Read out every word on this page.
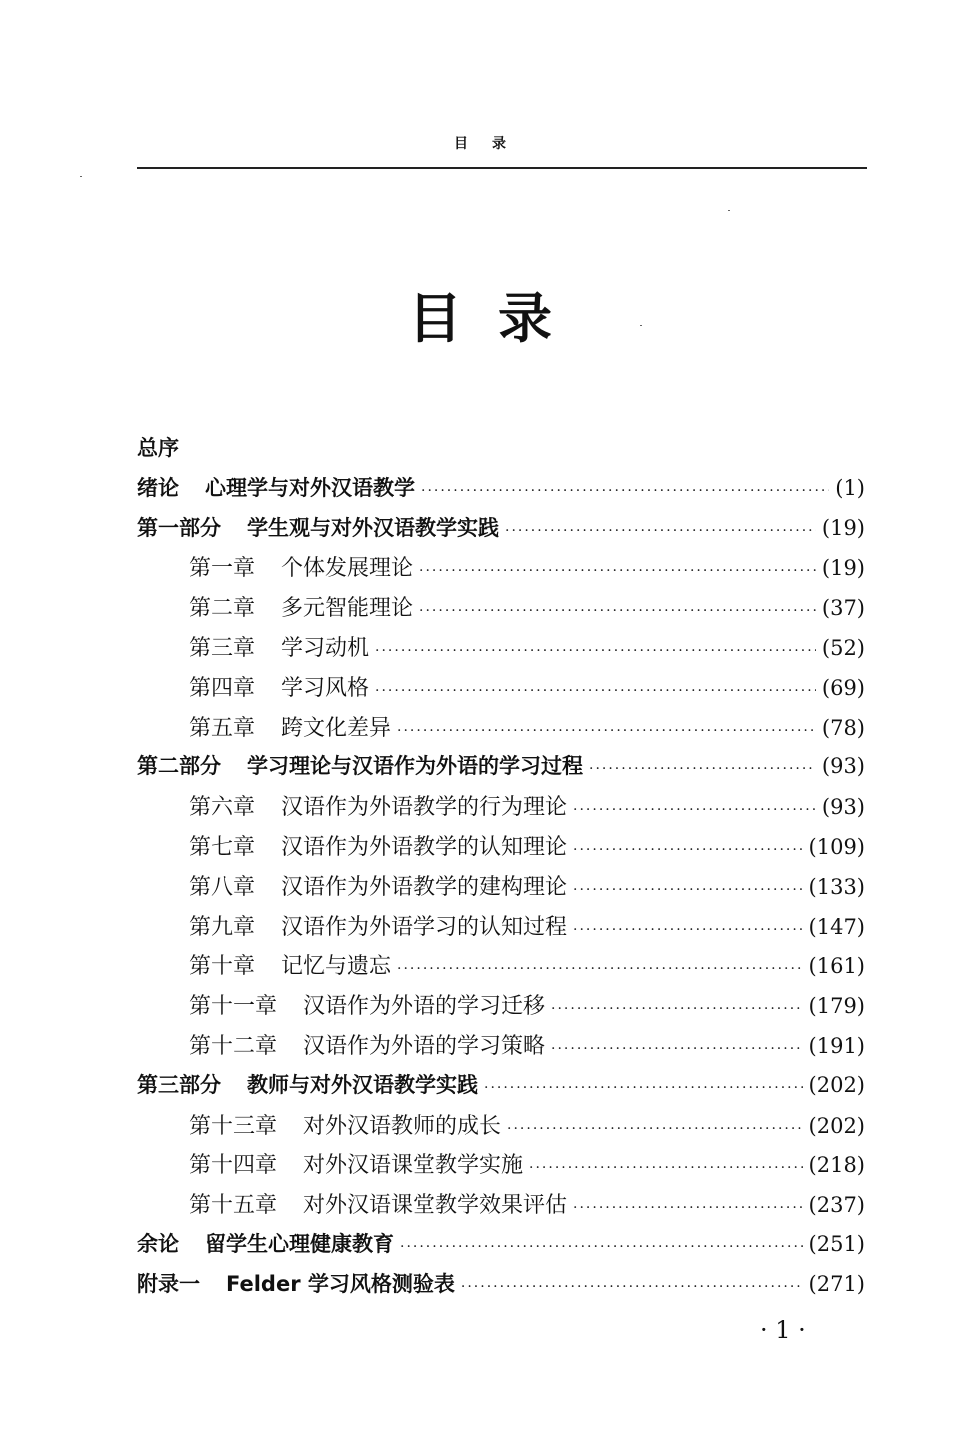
目录
目录
总序
绪论 心理学与对外汉语教学 ·····	(1)
第一部分 学生观与对外汉语教学实践 ·····	(19)
第一章 个体发展理论 ·····	(19)
第二章 多元智能理论 ·····	(37)
第三章 学习动机 ·····	(52)
第四章 学习风格 ·····	(69)
第五章 跨文化差异 ·····	(78)
第二部分 学习理论与汉语作为外语的学习过程 ·····	(93)
第六章 汉语作为外语教学的行为理论 ·····	(93)
第七章 汉语作为外语教学的认知理论 ·····	(109)
第八章 汉语作为外语教学的建构理论 ·····	(133)
第九章 汉语作为外语学习的认知过程 ·····	(147)
第十章 记忆与遗忘 ·····	(161)
第十一章 汉语作为外语的学习迁移 ·····	(179)
第十二章 汉语作为外语的学习策略 ·····	(191)
第三部分 教师与对外汉语教学实践 ·····	(202)
第十三章 对外汉语教师的成长 ·····	(202)
第十四章 对外汉语课堂教学实施 ·····	(218)
第十五章 对外汉语课堂教学效果评估 ·····	(237)
余论 留学生心理健康教育 ·····	(251)
附录一 Felder 学习风格测验表 ·····	(271)
· 1 ·
